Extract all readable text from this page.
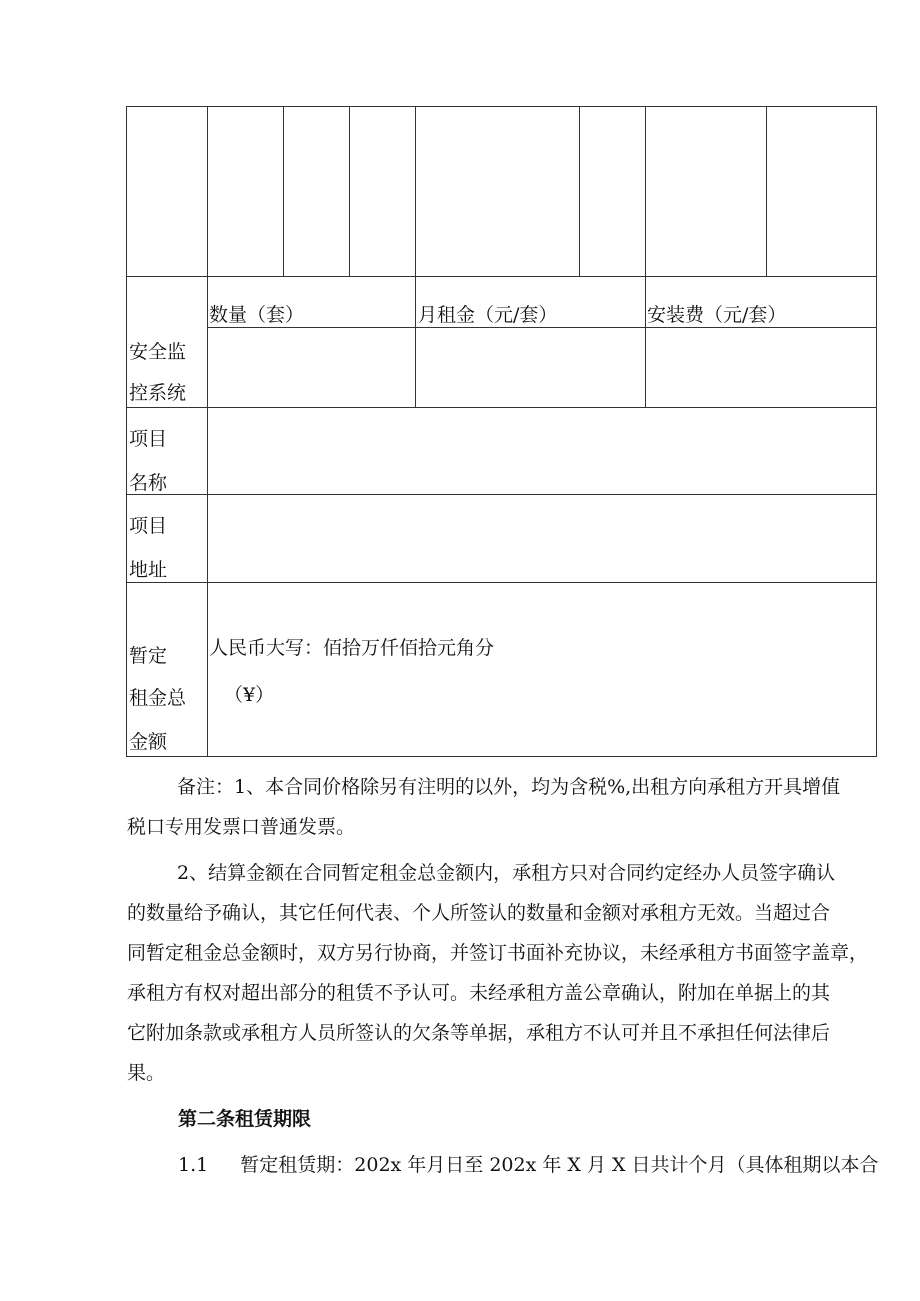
安全监
控系统
数量（套）	月租金（元/套）	安装费（元/套）
项目
名称
项目
地址
暂定
租金总
金额
人民币大写：佰拾万仟佰拾元角分
（¥）
备注：1、本合同价格除另有注明的以外，均为含税%,出租方向承租方开具增值
税口专用发票口普通发票。
2、结算金额在合同暂定租金总金额内，承租方只对合同约定经办人员签字确认
的数量给予确认，其它任何代表、个人所签认的数量和金额对承租方无效。当超过合
同暂定租金总金额时，双方另行协商，并签订书面补充协议，未经承租方书面签字盖章，
承租方有权对超出部分的租赁不予认可。未经承租方盖公章确认，附加在单据上的其
它附加条款或承租方人员所签认的欠条等单据，承租方不认可并且不承担任何法律后
果。
第二条租赁期限
1.1 暂定租赁期：202x 年月日至 202x 年 X 月 X 日共计个月（具体租期以本合
